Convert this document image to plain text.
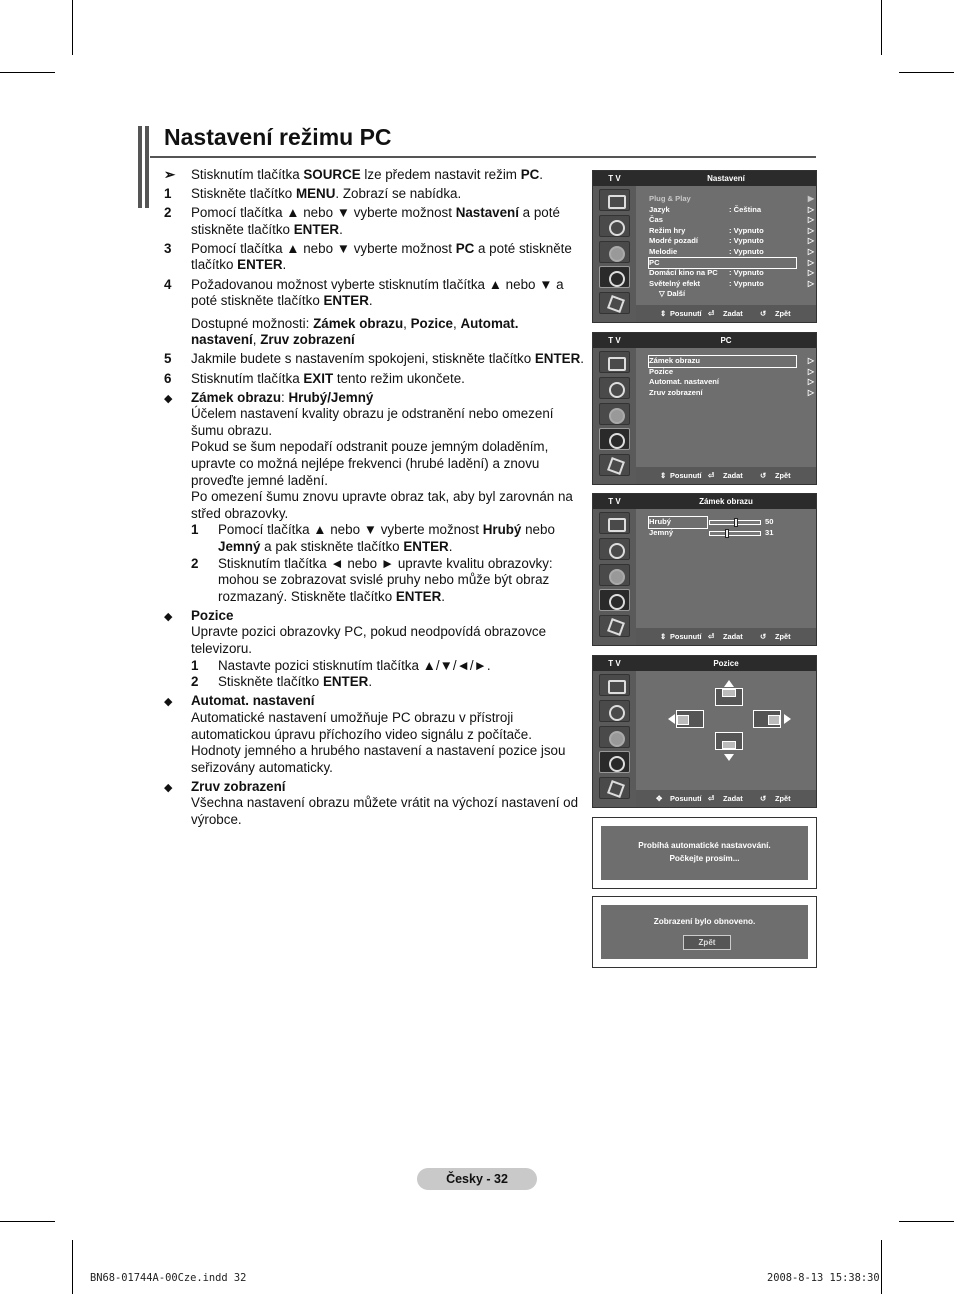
Nastavení režimu PC
➢	Stisknutím tlačítka SOURCE lze předem nastavit režim PC.
1	Stiskněte tlačítko MENU. Zobrazí se nabídka.
2	Pomocí tlačítka ▲ nebo ▼ vyberte možnost Nastavení a poté stiskněte tlačítko ENTER.
3	Pomocí tlačítka ▲ nebo ▼ vyberte možnost PC a poté stiskněte tlačítko ENTER.
4	Požadovanou možnost vyberte stisknutím tlačítka ▲ nebo ▼ a poté stiskněte tlačítko ENTER.

Dostupné možnosti: Zámek obrazu, Pozice, Automat. nastavení, Zruv zobrazení

5	Jakmile budete s nastavením spokojeni, stiskněte tlačítko ENTER.
6	Stisknutím tlačítka EXIT tento režim ukončete.
◆	Zámek obrazu: Hrubý/Jemný

Účelem nastavení kvality obrazu je odstranění nebo omezení šumu obrazu.

Pokud se šum nepodaří odstranit pouze jemným doladěním, upravte co možná nejlépe frekvenci (hrubé ladění) a znovu proveďte jemné ladění.

Po omezení šumu znovu upravte obraz tak, aby byl zarovnán na střed obrazovky.

1	Pomocí tlačítka ▲ nebo ▼ vyberte možnost Hrubý nebo Jemný a pak stiskněte tlačítko ENTER.
2	Stisknutím tlačítka ◄ nebo ► upravte kvalitu obrazovky: mohou se zobrazovat svislé pruhy nebo může být obraz rozmazaný. Stiskněte tlačítko ENTER.
◆	Pozice

Upravte pozici obrazovky PC, pokud neodpovídá obrazovce televizoru.

1	Nastavte pozici stisknutím tlačítka ▲/▼/◄/►.
2	Stiskněte tlačítko ENTER.
◆	Automat. nastavení

Automatické nastavení umožňuje PC obrazu v přístroji automatickou úpravu příchozího video signálu z počítače. Hodnoty jemného a hrubého nastavení a nastavení pozice jsou seřizovány automaticky.

◆	Zruv zobrazení

Všechna nastavení obrazu můžete vrátit na výchozí nastavení od výrobce.

T V	Nastavení
Plug & Play	▶
Jazyk	: Čeština	▷
Čas	▷
Režim hry	: Vypnuto	▷
Modré pozadí	: Vypnuto	▷
Melodie	: Vypnuto	▷
PC	▷
Domácí kino na PC : Vypnuto	▷
Světelný efekt	: Vypnuto	▷
▽ Další
⇕ Posunutí ⏎ Zadat ↺ Zpět
T V	PC
Zámek obrazu	▷
Pozice	▷
Automat. nastavení	▷
Zruv zobrazení	▷
⇕ Posunutí ⏎ Zadat ↺ Zpět
T V	Zámek obrazu
Hrubý	50
Jemný	31
⇕ Posunutí ⏎ Zadat ↺ Zpět
T V	Pozice
✥ Posunutí ⏎ Zadat ↺ Zpět
Probíhá automatické nastavování.
Počkejte prosím...
Zobrazení bylo obnoveno.
Zpět
Česky - 32
BN68-01744A-00Cze.indd 32	2008-8-13 15:38:30
